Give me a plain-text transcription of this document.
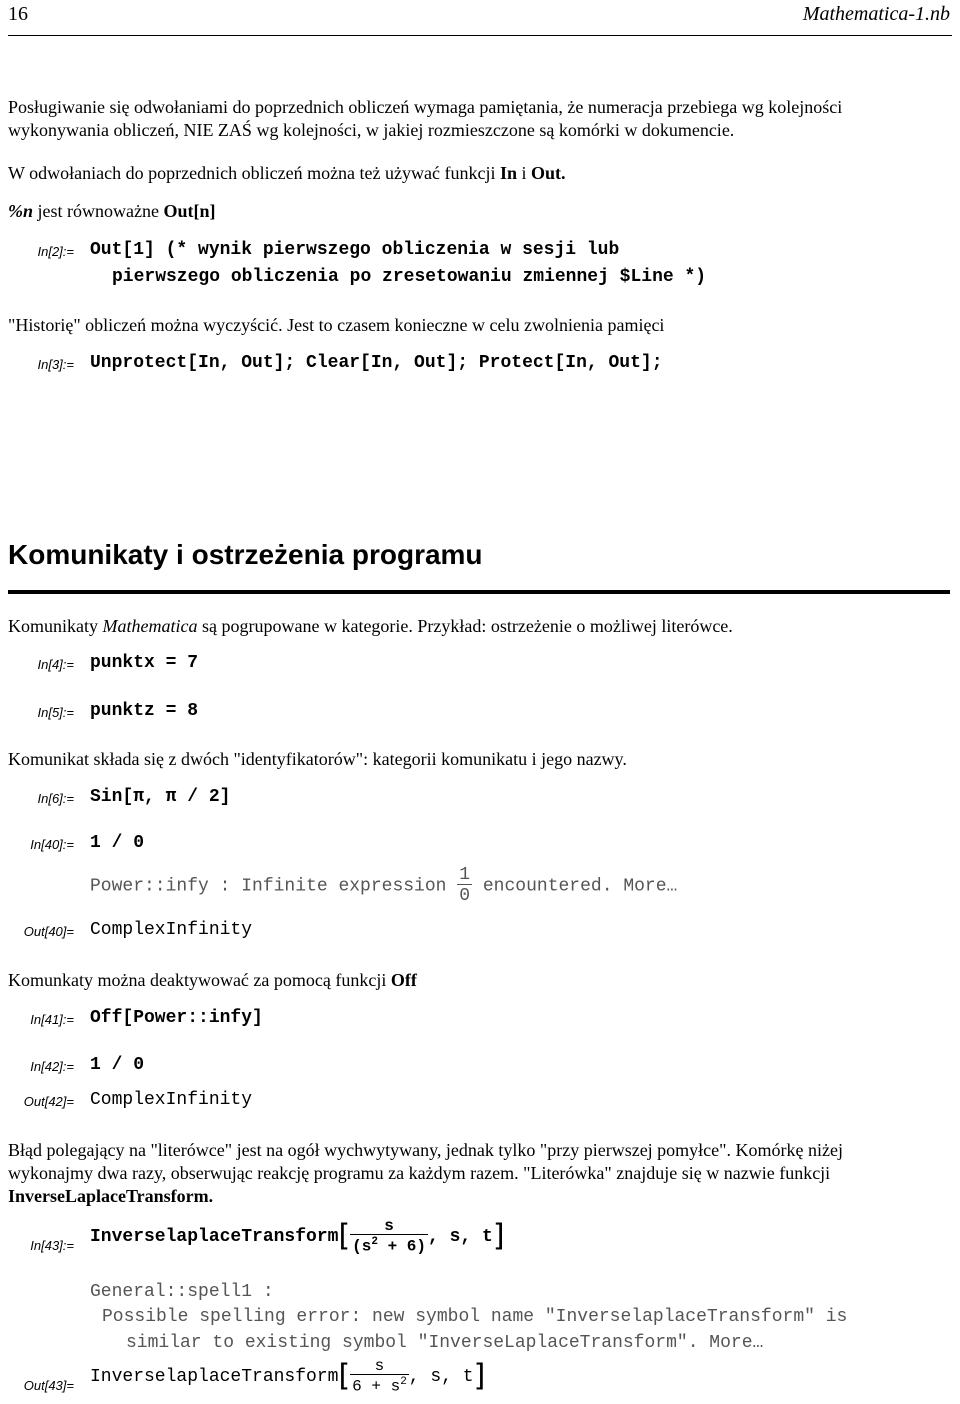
16	Mathematica-1.nb
Posługiwanie się odwołaniami do poprzednich obliczeń wymaga pamiętania, że numeracja przebiega wg kolejności
wykonywania obliczeń, NIE ZAŚ wg kolejności, w jakiej rozmieszczone są komórki w dokumencie.
W odwołaniach do poprzednich obliczeń można też używać funkcji In i Out.
%n jest równoważne Out[n]
In[2]:= Out[1] (* wynik pierwszego obliczenia w sesji lub
pierwszego obliczenia po zresetowaniu zmiennej $Line *)
"Historię" obliczeń można wyczyścić. Jest to czasem konieczne w celu zwolnienia pamięci
In[3]:= Unprotect[In, Out]; Clear[In, Out]; Protect[In, Out];
Komunikaty i ostrzeżenia programu
Komunikaty Mathematica są pogrupowane w kategorie. Przykład: ostrzeżenie o możliwej literówce.
In[4]:= punktx = 7
In[5]:= punktz = 8
Komunikat składa się z dwóch "identyfikatorów": kategorii komunikatu i jego nazwy.
In[6]:= Sin[π, π / 2]
In[40]:= 1 / 0
Power::infy : Infinite expression $\frac{1}{0}$ encountered. More…
Out[40]= ComplexInfinity
Komunkaty można deaktywować za pomocą funkcji Off
In[41]:= Off[Power::infy]
In[42]:= 1 / 0
Out[42]= ComplexInfinity
Błąd polegający na "literówce" jest na ogół wychwytywany, jednak tylko "przy pierwszej pomyłce". Komórkę niżej
wykonajmy dwa razy, obserwując reakcję programu za każdym razem. "Literówka" znajduje się w nazwie funkcji
InverseLaplaceTransform.
In[43]:= InverselaplaceTransform[ $\frac{s}{(s^2 + 6)}$ , s, t]
General::spell1 :
Possible spelling error: new symbol name "InverselaplaceTransform" is
similar to existing symbol "InverseLaplaceTransform". More…
Out[43]= InverselaplaceTransform[ $\frac{s}{6 + s^2}$ , s, t]
